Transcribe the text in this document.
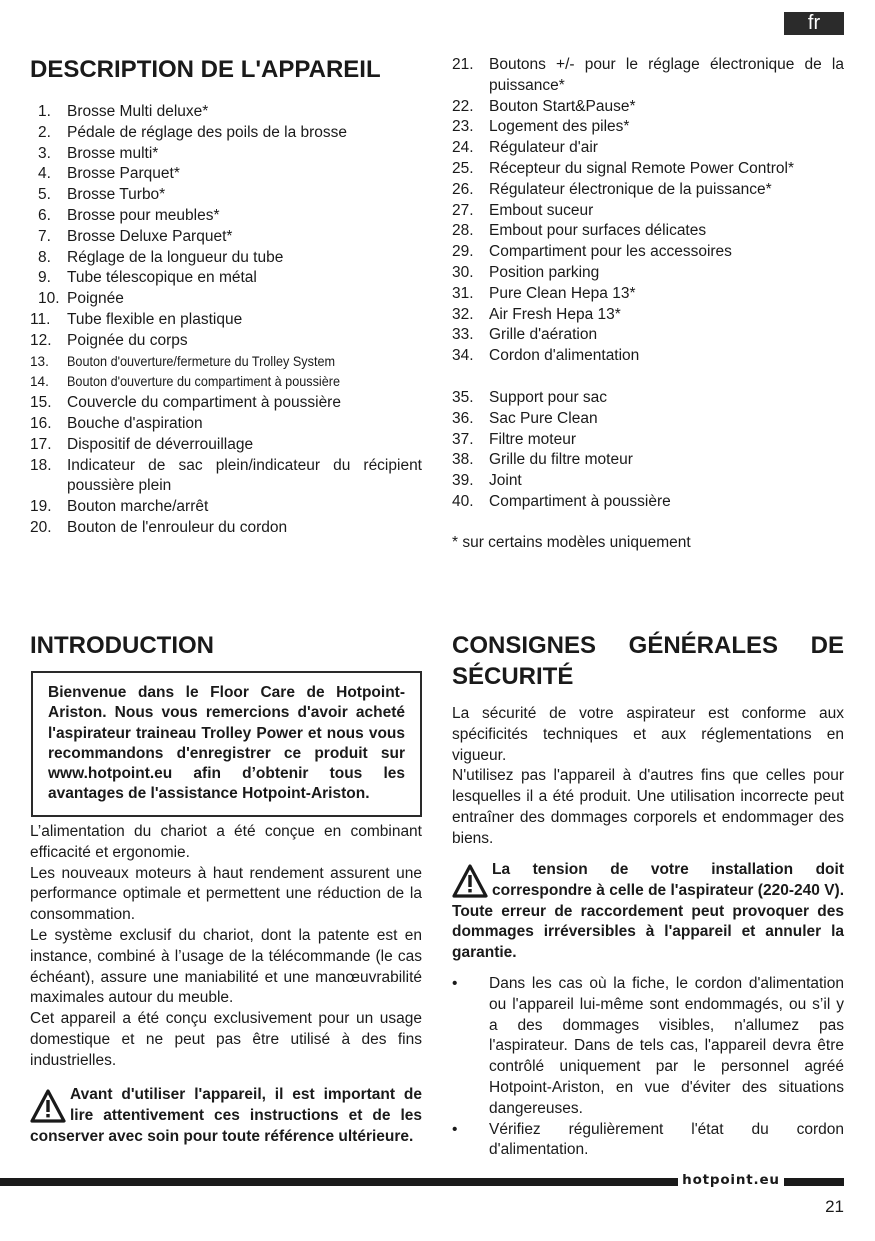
fr
DESCRIPTION DE L'APPAREIL
1.	Brosse Multi deluxe*
2.	Pédale de réglage des poils de la brosse
3.	Brosse multi*
4.	Brosse Parquet*
5.	Brosse Turbo*
6.	Brosse pour meubles*
7.	Brosse Deluxe Parquet*
8.	Réglage de la longueur du tube
9.	Tube télescopique en métal
10. Poignée
11.	Tube flexible en plastique
12. Poignée du corps
13.	Bouton d'ouverture/fermeture du Trolley System
14.	Bouton d'ouverture du compartiment à poussière
15. Couvercle du compartiment à poussière
16. Bouche d'aspiration
17. Dispositif de déverrouillage
18. Indicateur de sac plein/indicateur du récipient poussière plein
19. Bouton marche/arrêt
20. Bouton de l'enrouleur du cordon
21. Boutons +/- pour le réglage électronique de la puissance*
22. Bouton Start&Pause*
23. Logement des piles*
24. Régulateur d'air
25. Récepteur du signal Remote Power Control*
26. Régulateur électronique de la puissance*
27. Embout suceur
28. Embout pour surfaces délicates
29. Compartiment pour les accessoires
30. Position parking
31. Pure Clean Hepa 13*
32. Air Fresh Hepa 13*
33. Grille d'aération
34. Cordon d'alimentation
35. Support pour sac
36. Sac Pure Clean
37. Filtre moteur
38. Grille du filtre moteur
39. Joint
40. Compartiment à poussière
* sur certains modèles uniquement
INTRODUCTION
Bienvenue dans le Floor Care de Hotpoint-Ariston. Nous vous remercions d'avoir acheté l'aspirateur traineau Trolley Power et nous vous recommandons d'enregistrer ce produit sur www.hotpoint.eu afin d’obtenir tous les avantages de l'assistance Hotpoint-Ariston.

L’alimentation du chariot a été conçue en combinant efficacité et ergonomie.

Les nouveaux moteurs à haut rendement assurent une performance optimale et permettent une réduction de la consommation.

Le système exclusif du chariot, dont la patente est en instance, combiné à l’usage de la télécommande (le cas échéant), assure une maniabilité et une manœuvrabilité maximales autour du meuble.

Cet appareil a été conçu exclusivement pour un usage domestique et ne peut pas être utilisé à des fins industrielles.

Avant d'utiliser l'appareil, il est important de lire attentivement ces instructions et de les conserver avec soin pour toute référence ultérieure.

CONSIGNES GÉNÉRALES DE
SÉCURITÉ

La sécurité de votre aspirateur est conforme aux spécificités techniques et aux réglementations en vigueur.

N'utilisez pas l'appareil à d'autres fins que celles pour lesquelles il a été produit. Une utilisation incorrecte peut entraîner des dommages corporels et endommager des biens.

La tension de votre installation doit correspondre à celle de l'aspirateur (220-240 V). Toute erreur de raccordement peut provoquer des dommages irréversibles à l'appareil et annuler la garantie.

•	Dans les cas où la fiche, le cordon d'alimentation ou l'appareil lui-même sont endommagés, ou s’il y a des dommages visibles, n'allumez pas l'aspirateur. Dans de tels cas, l'appareil devra être contrôlé uniquement par le personnel agréé Hotpoint-Ariston, en vue d'éviter des situations dangereuses.
•	Vérifiez régulièrement l'état du cordon d'alimentation.
hotpoint.eu
21
